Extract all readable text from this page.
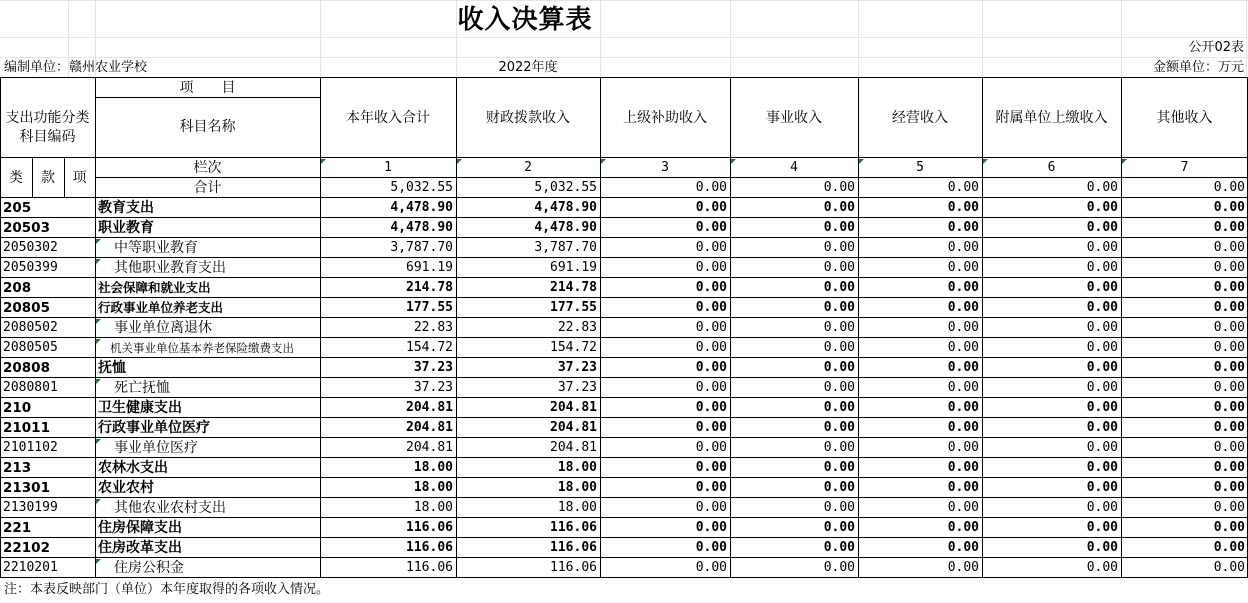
收入决算表
公开02表
编制单位：赣州农业学校	2022年度	金额单位：万元
项　　目
支出功能分类
科目编码
科目名称
本年收入合计	财政拨款收入	上级补助收入	事业收入	经营收入	附属单位上缴收入	其他收入
栏次	1	2	3	4	5	6	7
类	款	项
合计	5,032.55	5,032.55	0.00	0.00	0.00	0.00	0.00
205	教育支出	4,478.90	4,478.90	0.00	0.00	0.00	0.00	0.00
20503	职业教育	4,478.90	4,478.90	0.00	0.00	0.00	0.00	0.00
2050302	中等职业教育	3,787.70	3,787.70	0.00	0.00	0.00	0.00	0.00
2050399	其他职业教育支出	691.19	691.19	0.00	0.00	0.00	0.00	0.00
208	社会保障和就业支出	214.78	214.78	0.00	0.00	0.00	0.00	0.00
20805	行政事业单位养老支出	177.55	177.55	0.00	0.00	0.00	0.00	0.00
2080502	事业单位离退休	22.83	22.83	0.00	0.00	0.00	0.00	0.00
2080505	机关事业单位基本养老保险缴费支出	154.72	154.72	0.00	0.00	0.00	0.00	0.00
20808	抚恤	37.23	37.23	0.00	0.00	0.00	0.00	0.00
2080801	死亡抚恤	37.23	37.23	0.00	0.00	0.00	0.00	0.00
210	卫生健康支出	204.81	204.81	0.00	0.00	0.00	0.00	0.00
21011	行政事业单位医疗	204.81	204.81	0.00	0.00	0.00	0.00	0.00
2101102	事业单位医疗	204.81	204.81	0.00	0.00	0.00	0.00	0.00
213	农林水支出	18.00	18.00	0.00	0.00	0.00	0.00	0.00
21301	农业农村	18.00	18.00	0.00	0.00	0.00	0.00	0.00
2130199	其他农业农村支出	18.00	18.00	0.00	0.00	0.00	0.00	0.00
221	住房保障支出	116.06	116.06	0.00	0.00	0.00	0.00	0.00
22102	住房改革支出	116.06	116.06	0.00	0.00	0.00	0.00	0.00
2210201	住房公积金	116.06	116.06	0.00	0.00	0.00	0.00	0.00
注：本表反映部门（单位）本年度取得的各项收入情况。
